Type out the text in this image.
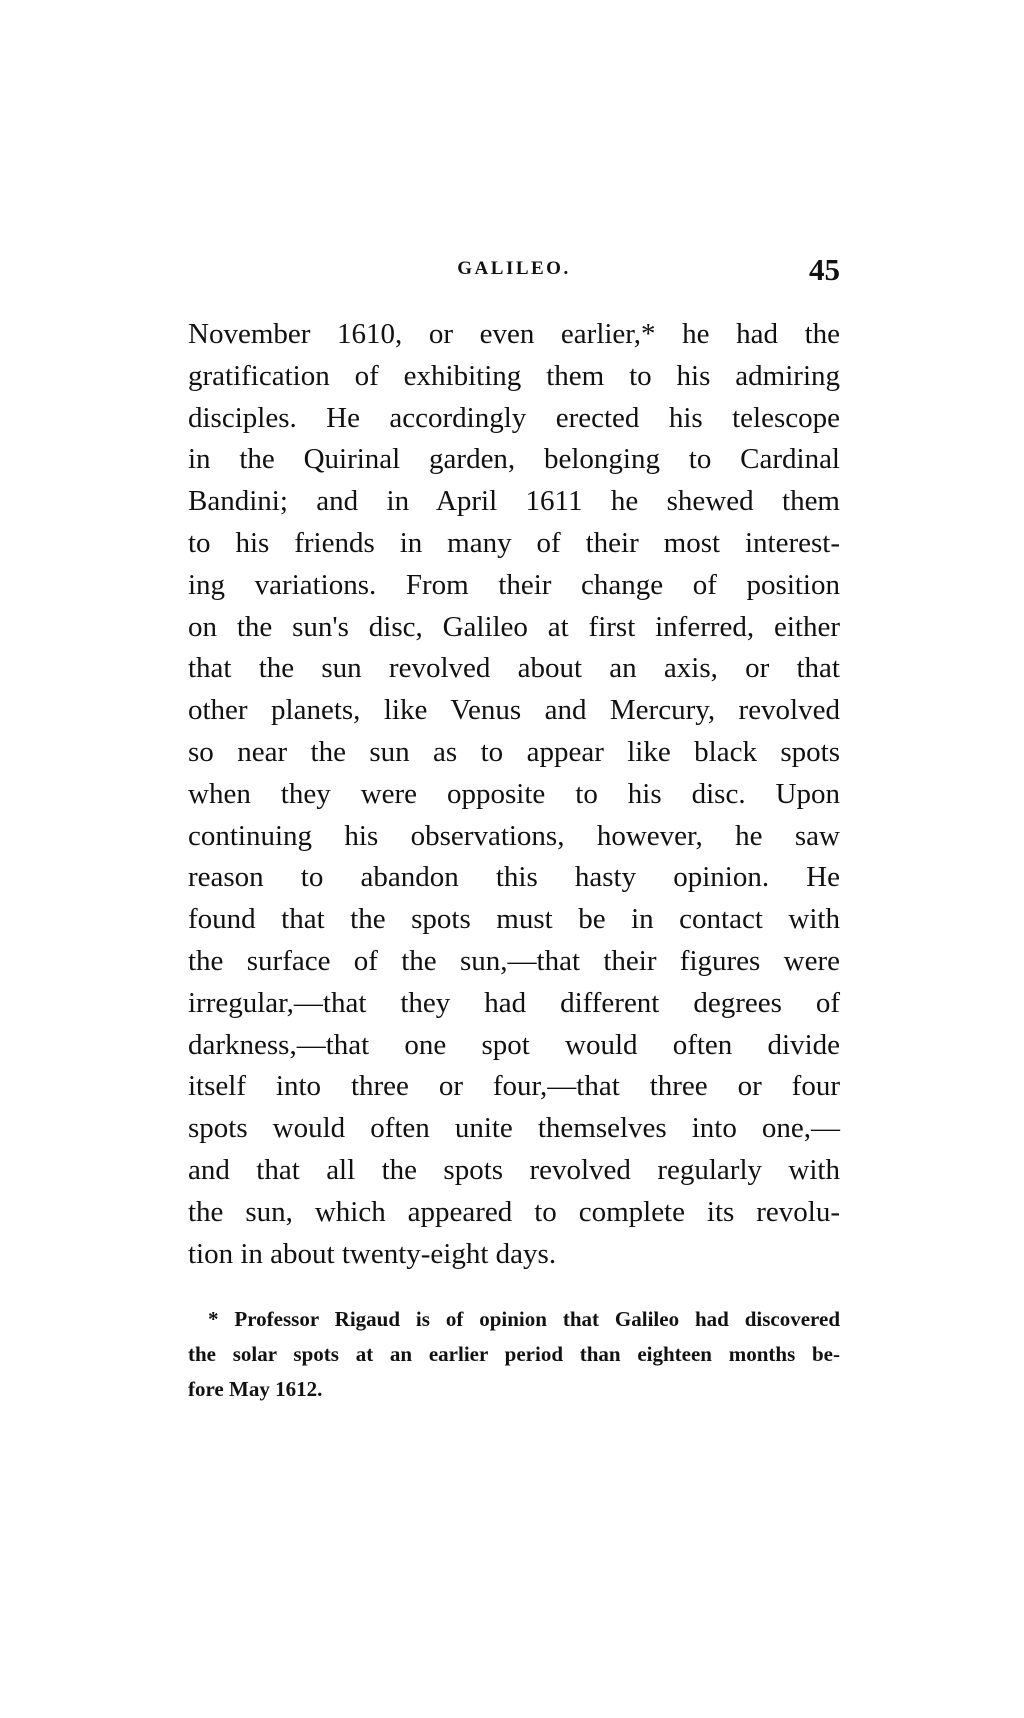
GALILEO.	45
November 1610, or even earlier,* he had the
gratification of exhibiting them to his admiring
disciples. He accordingly erected his telescope
in the Quirinal garden, belonging to Cardinal
Bandini; and in April 1611 he shewed them
to his friends in many of their most interest-
ing variations. From their change of position
on the sun's disc, Galileo at first inferred, either
that the sun revolved about an axis, or that
other planets, like Venus and Mercury, revolved
so near the sun as to appear like black spots
when they were opposite to his disc. Upon
continuing his observations, however, he saw
reason to abandon this hasty opinion. He
found that the spots must be in contact with
the surface of the sun,—that their figures were
irregular,—that they had different degrees of
darkness,—that one spot would often divide
itself into three or four,—that three or four
spots would often unite themselves into one,—
and that all the spots revolved regularly with
the sun, which appeared to complete its revolu-
tion in about twenty-eight days.
* Professor Rigaud is of opinion that Galileo had discovered
the solar spots at an earlier period than eighteen months be-
fore May 1612.
